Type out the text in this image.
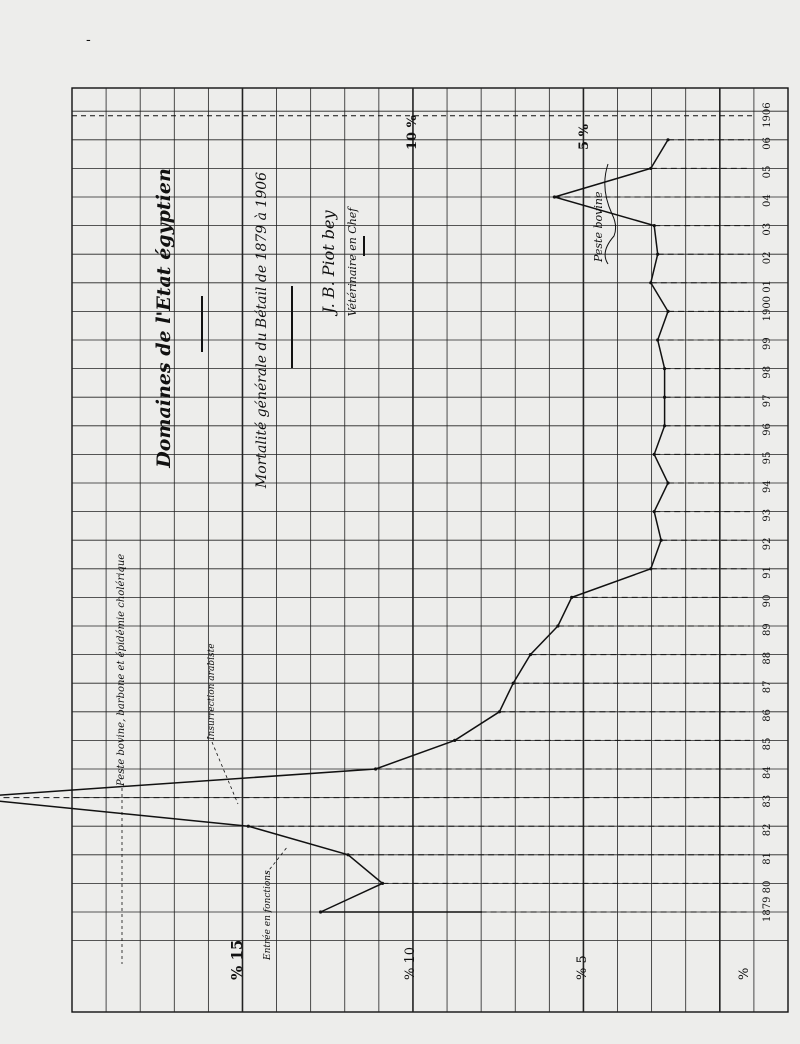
-
1879
80
81
82
83
84
85
86
87
88
89
90
91
92
93
94
95
96
97
98
99
1900
01
02
03
04
05
06
1906
% 15	% 10	% 5	%
10 %	5 %
Domaines de l'Etat égyptien	Mortalité générale du Bétail de 1879 à 1906	J. B. Piot bey Vétérinaire en Chef
Peste bovine, barbone et épidémie cholérique	Insurrection arabiste
Entrée en fonctions
Peste bovine
